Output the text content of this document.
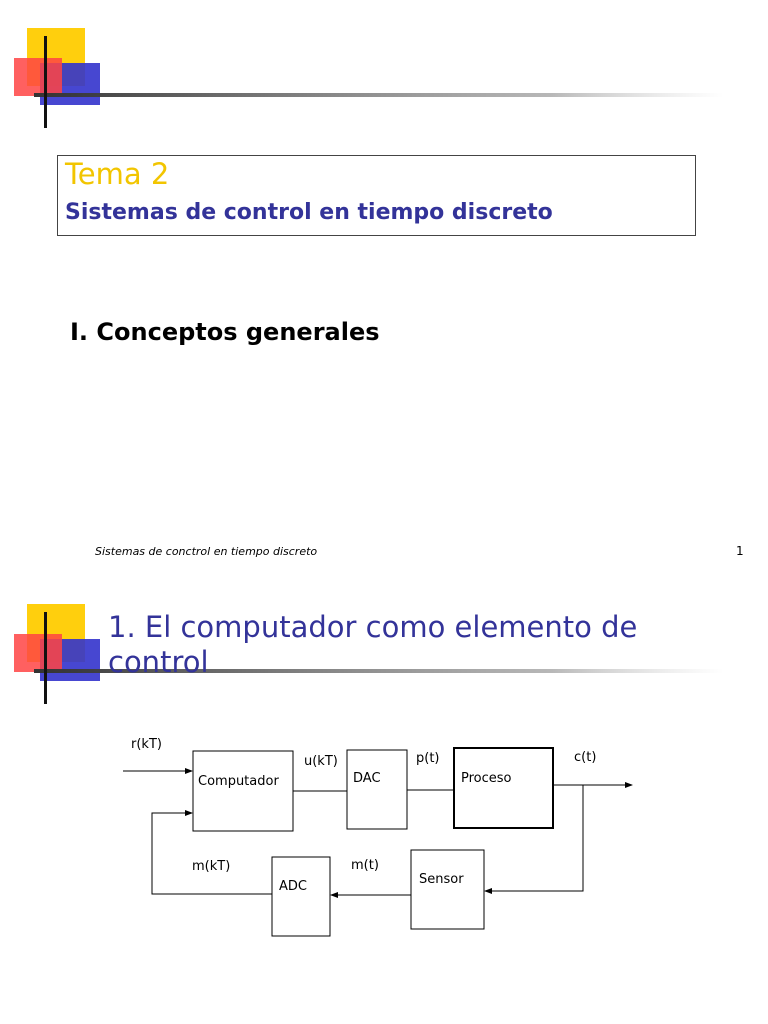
Tema 2
Sistemas de control en tiempo discreto
I. Conceptos generales
Sistemas de conctrol en tiempo discreto	1
1. El computador como elemento de control
Computador	DAC	Proceso
Sensor
ADC
r(kT)
u(kT)	p(t)	c(t)
m(t)
m(kT)
